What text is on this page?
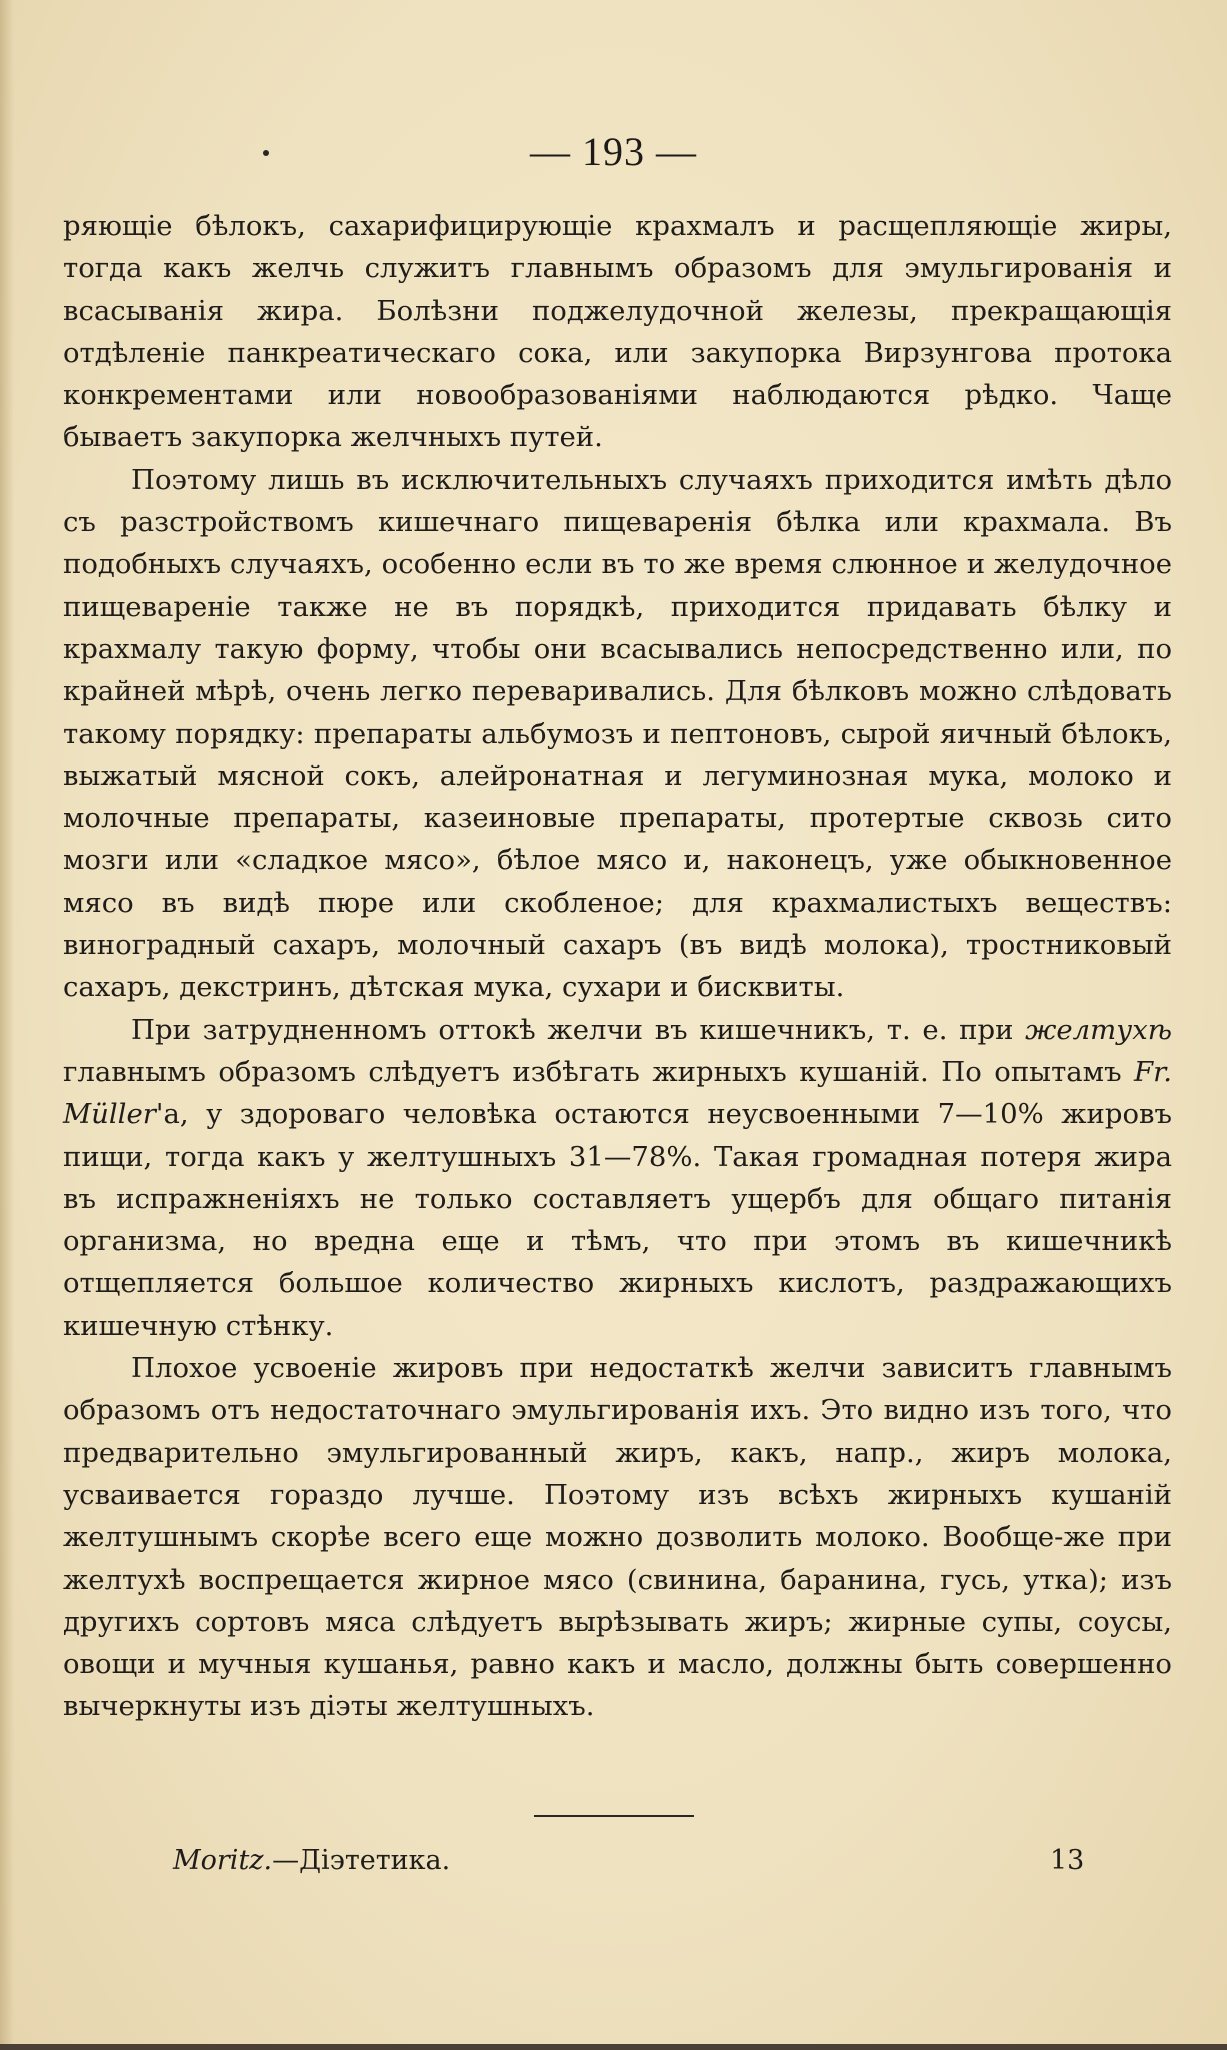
— 193 —

ряющіе бѣлокъ, сахарифицирующіе крахмалъ и расщепляющіе жиры, тогда какъ желчь служитъ главнымъ образомъ для эмульгированія и всасыванія жира. Болѣзни поджелудочной железы, прекращающія отдѣленіе панкреатическаго сока, или закупорка Вирзунгова протока конкрементами или новообразованіями наблюдаются рѣдко. Чаще бываетъ закупорка желчныхъ путей.

Поэтому лишь въ исключительныхъ случаяхъ приходится имѣть дѣло съ разстройствомъ кишечнаго пищеваренія бѣлка или крахмала. Въ подобныхъ случаяхъ, особенно если въ то же время слюнное и желудочное пищевареніе также не въ порядкѣ, приходится придавать бѣлку и крахмалу такую форму, чтобы они всасывались непосредственно или, по крайней мѣрѣ, очень легко переваривались. Для бѣлковъ можно слѣдовать такому порядку: препараты альбумозъ и пептоновъ, сырой яичный бѣлокъ, выжатый мясной сокъ, алейронатная и легуминозная мука, молоко и молочные препараты, казеиновые препараты, протертые сквозь сито мозги или «сладкое мясо», бѣлое мясо и, наконецъ, уже обыкновенное мясо въ видѣ пюре или скобленое; для крахмалистыхъ веществъ: виноградный сахаръ, молочный сахаръ (въ видѣ молока), тростниковый сахаръ, декстринъ, дѣтская мука, сухари и бисквиты.

При затрудненномъ оттокѣ желчи въ кишечникъ, т. е. при желтухѣ главнымъ образомъ слѣдуетъ избѣгать жирныхъ кушаній. По опытамъ Fr. Müller'а, у здороваго человѣка остаются неусвоенными 7—10% жировъ пищи, тогда какъ у желтушныхъ 31—78%. Такая громадная потеря жира въ испражненіяхъ не только составляетъ ущербъ для общаго питанія организма, но вредна еще и тѣмъ, что при этомъ въ кишечникѣ отщепляется большое количество жирныхъ кислотъ, раздражающихъ кишечную стѣнку.

Плохое усвоеніе жировъ при недостаткѣ желчи зависитъ главнымъ образомъ отъ недостаточнаго эмульгированія ихъ. Это видно изъ того, что предварительно эмульгированный жиръ, какъ, напр., жиръ молока, усваивается гораздо лучше. Поэтому изъ всѣхъ жирныхъ кушаній желтушнымъ скорѣе всего еще можно дозволить молоко. Вообще-же при желтухѣ воспрещается жирное мясо (свинина, баранина, гусь, утка); изъ другихъ сортовъ мяса слѣдуетъ вырѣзывать жиръ; жирные супы, соусы, овощи и мучныя кушанья, равно какъ и масло, должны быть совершенно вычеркнуты изъ діэты желтушныхъ.

Moritz.—Діэтетика.	13
